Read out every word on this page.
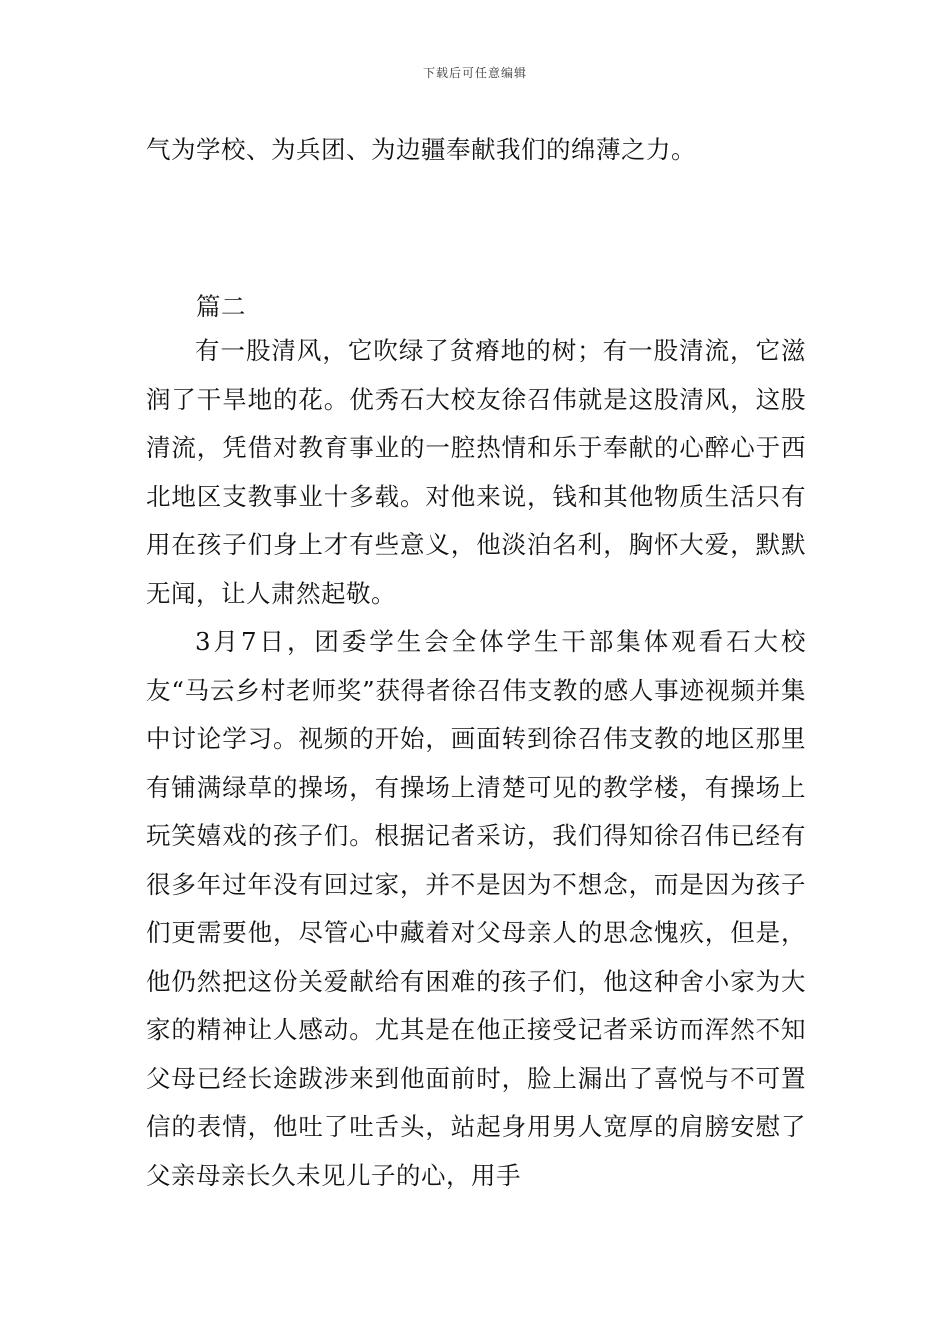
下载后可任意编辑
气为学校、为兵团、为边疆奉献我们的绵薄之力。
篇二

有一股清风，它吹绿了贫瘠地的树；有一股清流，它滋润了干旱地的花。优秀石大校友徐召伟就是这股清风，这股清流，凭借对教育事业的一腔热情和乐于奉献的心醉心于西北地区支教事业十多载。对他来说，钱和其他物质生活只有用在孩子们身上才有些意义，他淡泊名利，胸怀大爱，默默无闻，让人肃然起敬。

3月7日，团委学生会全体学生干部集体观看石大校友“马云乡村老师奖”获得者徐召伟支教的感人事迹视频并集中讨论学习。视频的开始，画面转到徐召伟支教的地区那里有铺满绿草的操场，有操场上清楚可见的教学楼，有操场上玩笑嬉戏的孩子们。根据记者采访，我们得知徐召伟已经有很多年过年没有回过家，并不是因为不想念，而是因为孩子们更需要他，尽管心中藏着对父母亲人的思念愧疚，但是，他仍然把这份关爱献给有困难的孩子们，他这种舍小家为大家的精神让人感动。尤其是在他正接受记者采访而浑然不知父母已经长途跋涉来到他面前时，脸上漏出了喜悦与不可置信的表情，他吐了吐舌头，站起身用男人宽厚的肩膀安慰了父亲母亲长久未见儿子的心，用手
